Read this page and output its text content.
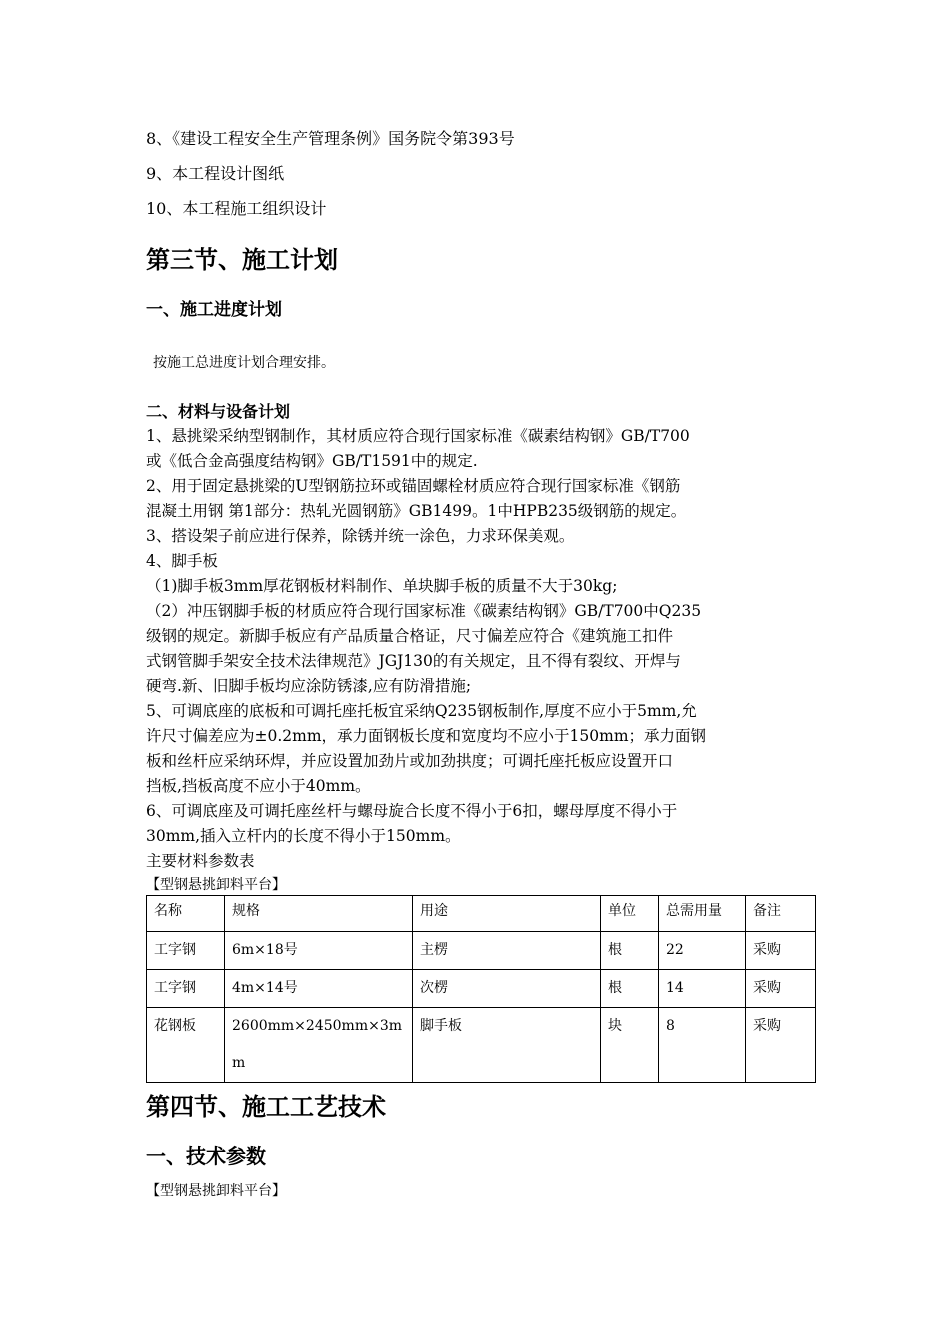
8、《建设工程安全生产管理条例》国务院令第393号
9、本工程设计图纸
10、本工程施工组织设计
第三节、施工计划
一、施工进度计划
按施工总进度计划合理安排。
二、材料与设备计划
1、悬挑梁采纳型钢制作，其材质应符合现行国家标准《碳素结构钢》GB/T700
或《低合金高强度结构钢》GB/T1591中的规定.
2、用于固定悬挑梁的U型钢筋拉环或锚固螺栓材质应符合现行国家标准《钢筋
混凝土用钢 第1部分：热轧光圆钢筋》GB1499。1中HPB235级钢筋的规定。
3、搭设架子前应进行保养，除锈并统一涂色，力求环保美观。
4、脚手板
（1)脚手板3mm厚花钢板材料制作、单块脚手板的质量不大于30kg;
（2）冲压钢脚手板的材质应符合现行国家标准《碳素结构钢》GB/T700中Q235
级钢的规定。新脚手板应有产品质量合格证，尺寸偏差应符合《建筑施工扣件
式钢管脚手架安全技术法律规范》JGJ130的有关规定，且不得有裂纹、开焊与
硬弯.新、旧脚手板均应涂防锈漆,应有防滑措施;
5、可调底座的底板和可调托座托板宜采纳Q235钢板制作,厚度不应小于5mm,允
许尺寸偏差应为±0.2mm，承力面钢板长度和宽度均不应小于150mm；承力面钢
板和丝杆应采纳环焊，并应设置加劲片或加劲拱度；可调托座托板应设置开口
挡板,挡板高度不应小于40mm。
6、可调底座及可调托座丝杆与螺母旋合长度不得小于6扣，螺母厚度不得小于
30mm,插入立杆内的长度不得小于150mm。
主要材料参数表
【型钢悬挑卸料平台】
名称	规格	用途	单位	总需用量	备注
工字钢	6m×18号	主楞	根	22	采购
工字钢	4m×14号	次楞	根	14	采购
花钢板	2600mm×2450mm×3mm	脚手板	块	8	采购
第四节、施工工艺技术
一、技术参数
【型钢悬挑卸料平台】
